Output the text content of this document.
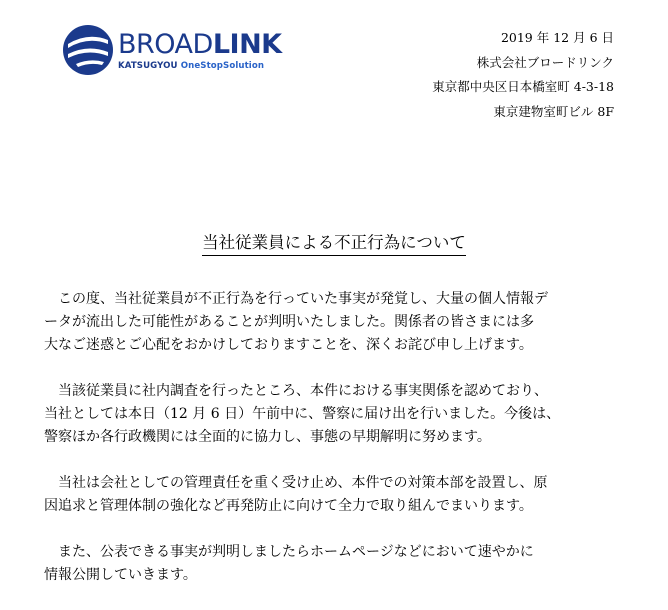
BROADLINK
KATSUGYOU OneStopSolution
2019 年 12 月 6 日
株式会社ブロードリンク
東京都中央区日本橋室町 4-3-18
東京建物室町ビル 8F
当社従業員による不正行為について
　この度、当社従業員が不正行為を行っていた事実が発覚し、大量の個人情報デ
ータが流出した可能性があることが判明いたしました。関係者の皆さまには多
大なご迷惑とご心配をおかけしておりますことを、深くお詫び申し上げます。
　当該従業員に社内調査を行ったところ、本件における事実関係を認めており、
当社としては本日（12 月 6 日）午前中に、警察に届け出を行いました。今後は、
警察ほか各行政機関には全面的に協力し、事態の早期解明に努めます。
　当社は会社としての管理責任を重く受け止め、本件での対策本部を設置し、原
因追求と管理体制の強化など再発防止に向けて全力で取り組んでまいります。
　また、公表できる事実が判明しましたらホームページなどにおいて速やかに
情報公開していきます。
